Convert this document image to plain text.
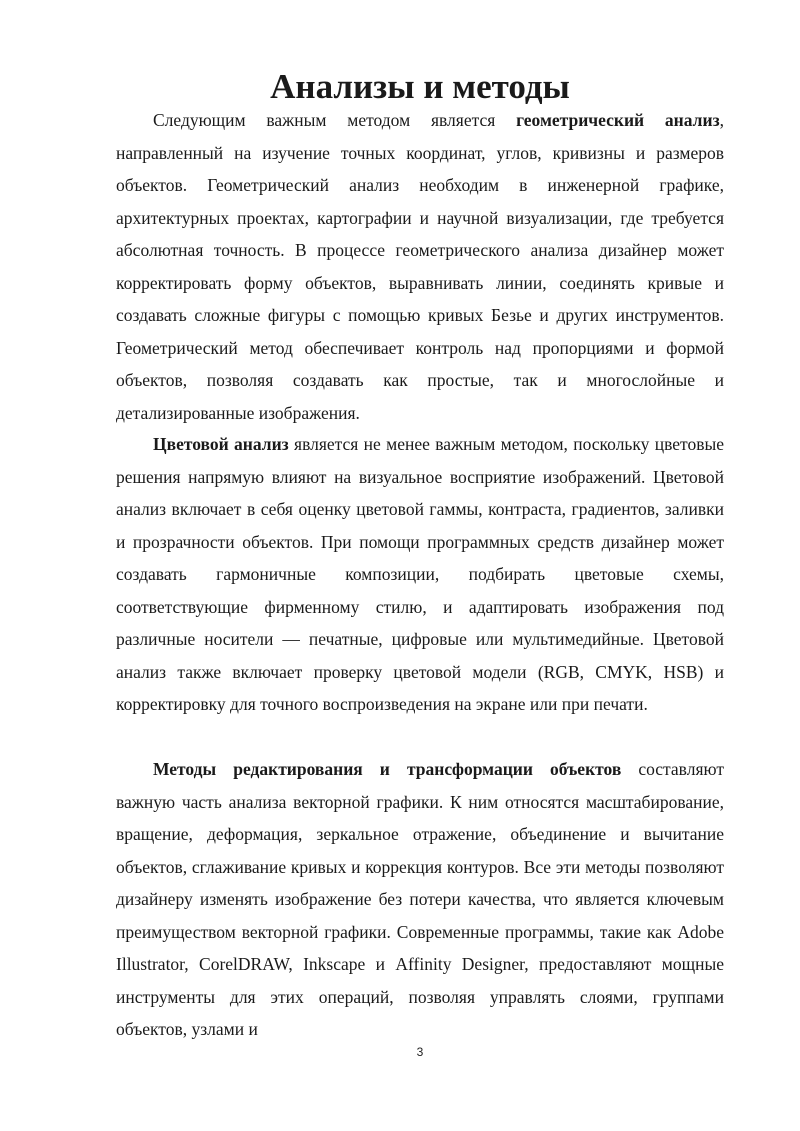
Анализы и методы

Следующим важным методом является геометрический анализ, направленный на изучение точных координат, углов, кривизны и размеров объектов. Геометрический анализ необходим в инженерной графике, архитектурных проектах, картографии и научной визуализации, где требуется абсолютная точность. В процессе геометрического анализа дизайнер может корректировать форму объектов, выравнивать линии, соединять кривые и создавать сложные фигуры с помощью кривых Безье и других инструментов. Геометрический метод обеспечивает контроль над пропорциями и формой объектов, позволяя создавать как простые, так и многослойные и детализированные изображения.

Цветовой анализ является не менее важным методом, поскольку цветовые решения напрямую влияют на визуальное восприятие изображений. Цветовой анализ включает в себя оценку цветовой гаммы, контраста, градиентов, заливки и прозрачности объектов. При помощи программных средств дизайнер может создавать гармоничные композиции, подбирать цветовые схемы, соответствующие фирменному стилю, и адаптировать изображения под различные носители — печатные, цифровые или мультимедийные. Цветовой анализ также включает проверку цветовой модели (RGB, CMYK, HSB) и корректировку для точного воспроизведения на экране или при печати.

Методы редактирования и трансформации объектов составляют важную часть анализа векторной графики. К ним относятся масштабирование, вращение, деформация, зеркальное отражение, объединение и вычитание объектов, сглаживание кривых и коррекция контуров. Все эти методы позволяют дизайнеру изменять изображение без потери качества, что является ключевым преимуществом векторной графики. Современные программы, такие как Adobe Illustrator, CorelDRAW, Inkscape и Affinity Designer, предоставляют мощные инструменты для этих операций, позволяя управлять слоями, группами объектов, узлами и

3
